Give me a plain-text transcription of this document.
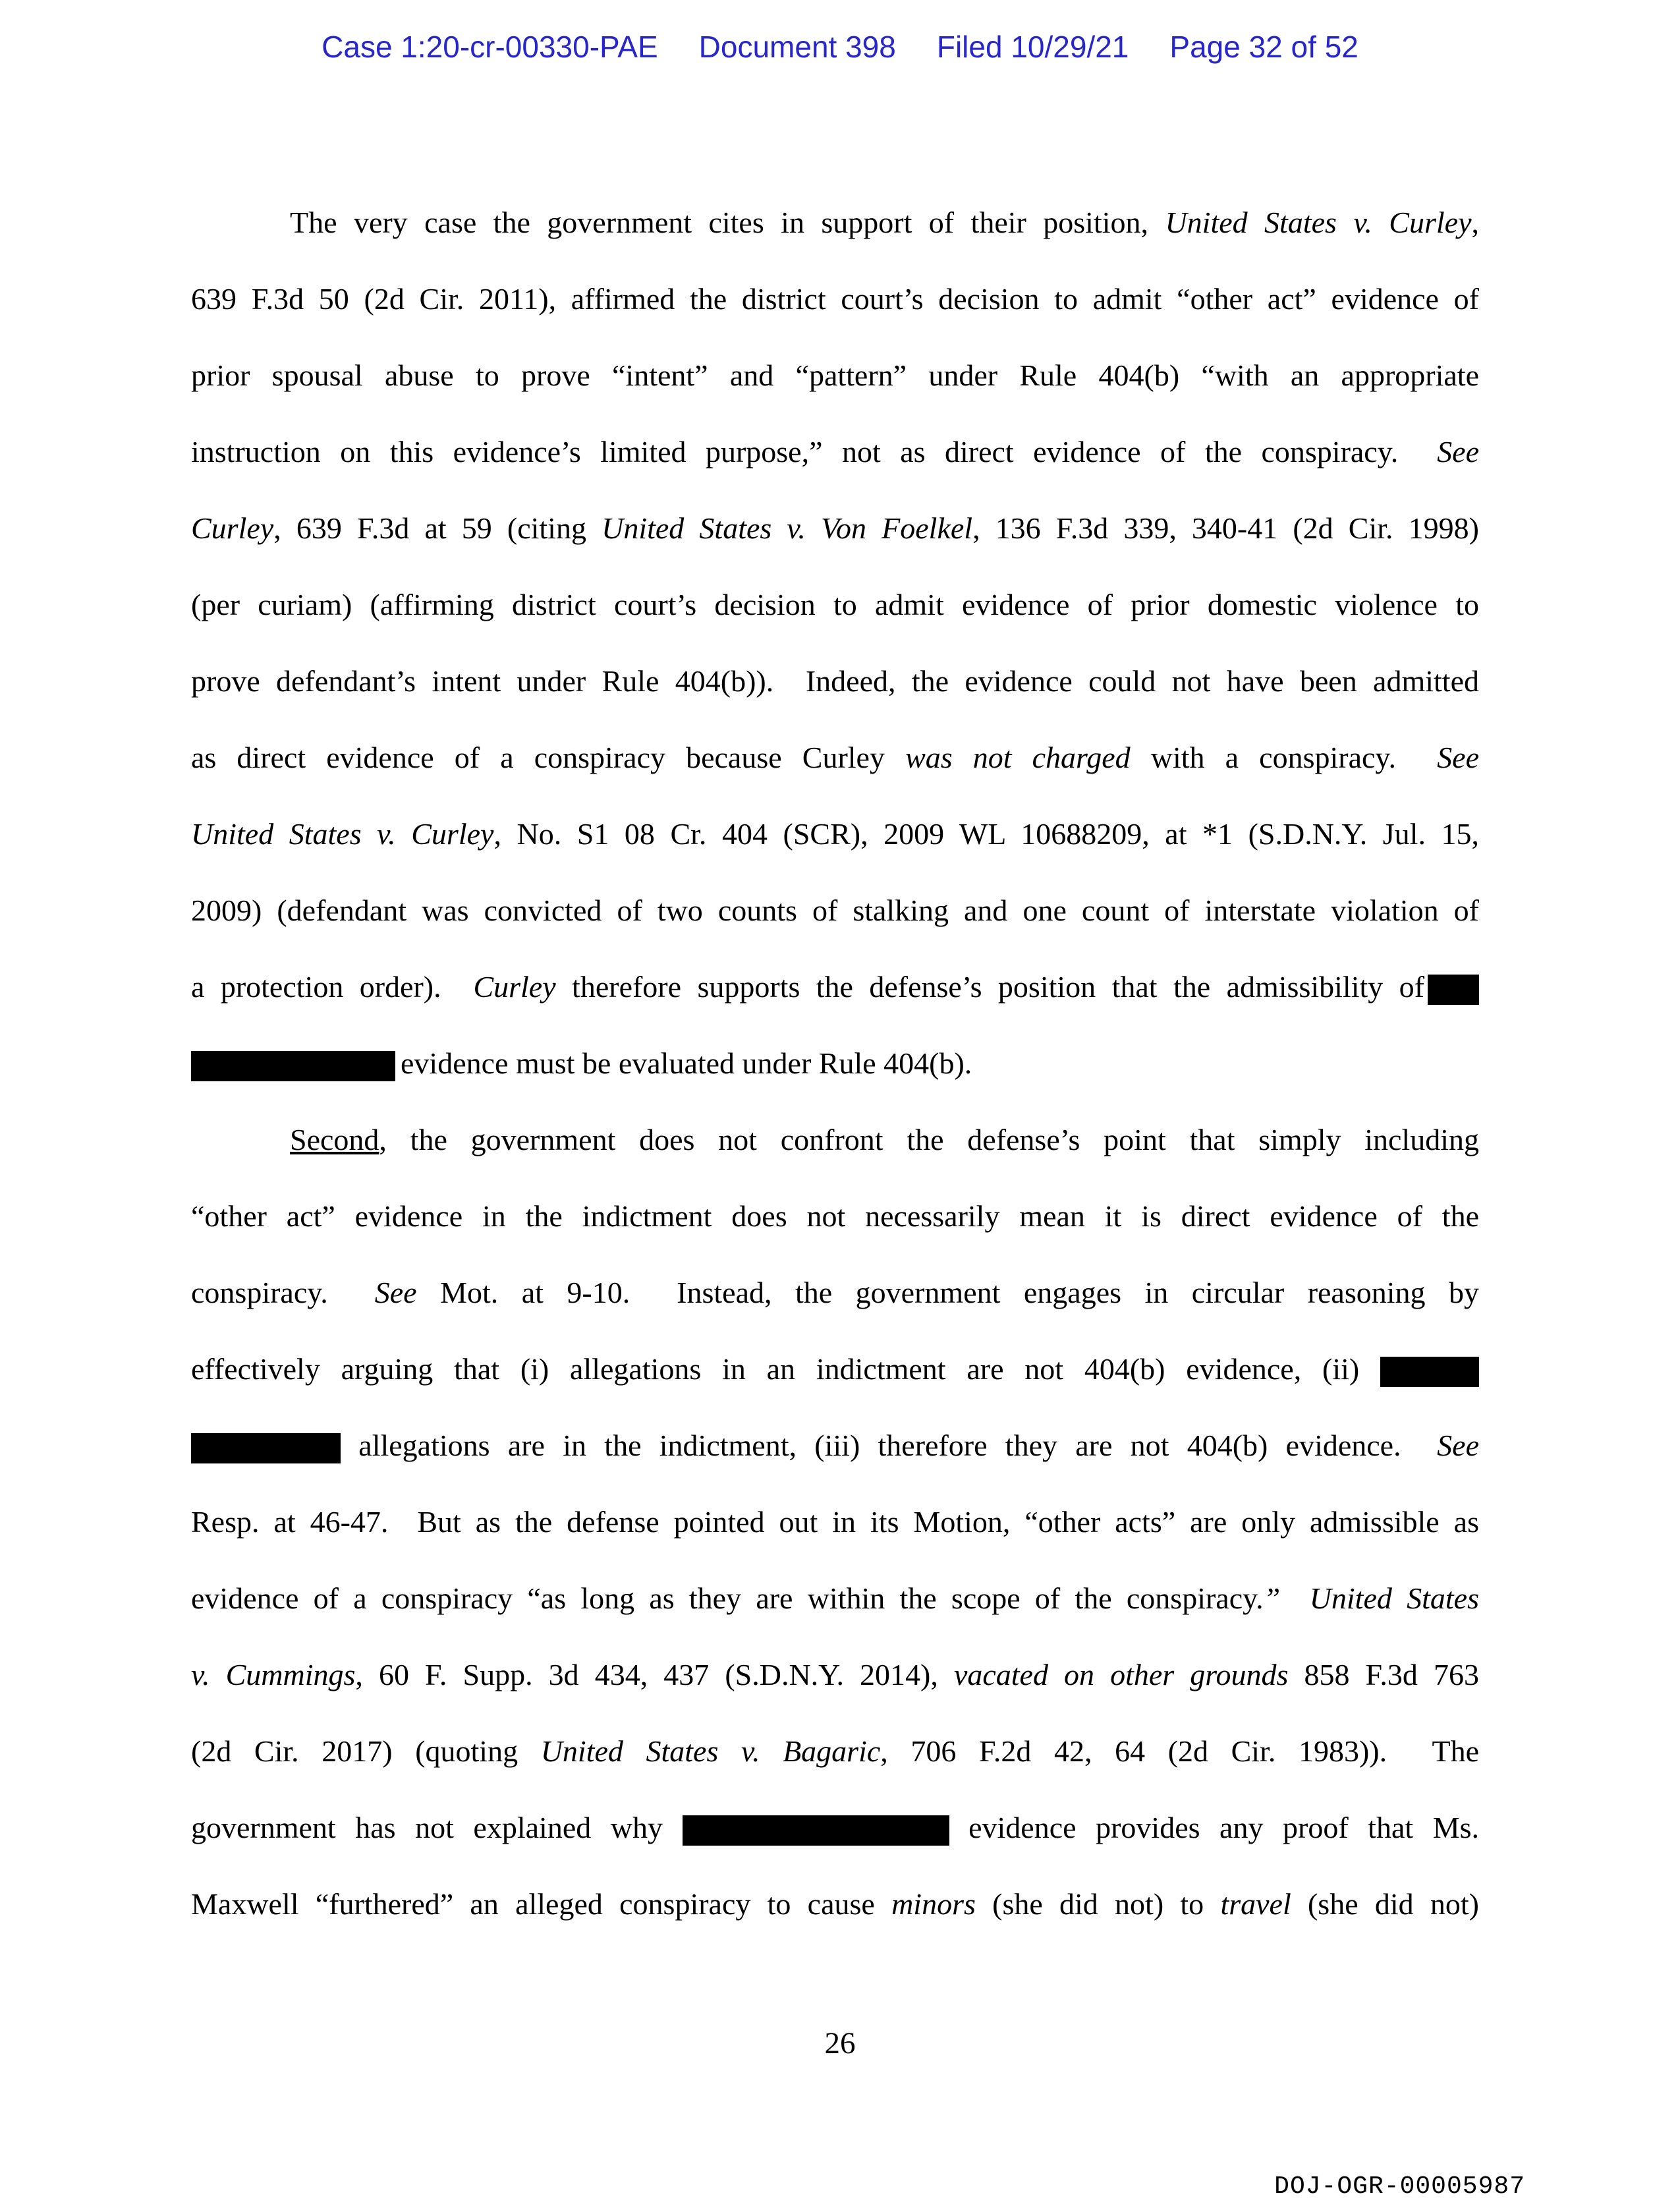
Case 1:20-cr-00330-PAE Document 398 Filed 10/29/21 Page 32 of 52
The very case the government cites in support of their position, United States v. Curley,
639 F.3d 50 (2d Cir. 2011), affirmed the district court’s decision to admit “other act” evidence of
prior spousal abuse to prove “intent” and “pattern” under Rule 404(b) “with an appropriate
instruction on this evidence’s limited purpose,” not as direct evidence of the conspiracy.  See
Curley, 639 F.3d at 59 (citing United States v. Von Foelkel, 136 F.3d 339, 340-41 (2d Cir. 1998)
(per curiam) (affirming district court’s decision to admit evidence of prior domestic violence to
prove defendant’s intent under Rule 404(b)).  Indeed, the evidence could not have been admitted
as direct evidence of a conspiracy because Curley was not charged with a conspiracy.  See
United States v. Curley, No. S1 08 Cr. 404 (SCR), 2009 WL 10688209, at *1 (S.D.N.Y. Jul. 15,
2009) (defendant was convicted of two counts of stalking and one count of interstate violation of
a protection order).  Curley therefore supports the defense’s position that the admissibility of
evidence must be evaluated under Rule 404(b).
Second, the government does not confront the defense’s point that simply including
“other act” evidence in the indictment does not necessarily mean it is direct evidence of the
conspiracy.  See Mot. at 9-10.  Instead, the government engages in circular reasoning by
effectively arguing that (i) allegations in an indictment are not 404(b) evidence, (ii)
allegations are in the indictment, (iii) therefore they are not 404(b) evidence.  See
Resp. at 46-47.  But as the defense pointed out in its Motion, “other acts” are only admissible as
evidence of a conspiracy “as long as they are within the scope of the conspiracy.”  United States
v. Cummings, 60 F. Supp. 3d 434, 437 (S.D.N.Y. 2014), vacated on other grounds 858 F.3d 763
(2d Cir. 2017) (quoting United States v. Bagaric, 706 F.2d 42, 64 (2d Cir. 1983)).  The
government has not explained why	evidence provides any proof that Ms.
Maxwell “furthered” an alleged conspiracy to cause minors (she did not) to travel (she did not)
26
DOJ-OGR-00005987
